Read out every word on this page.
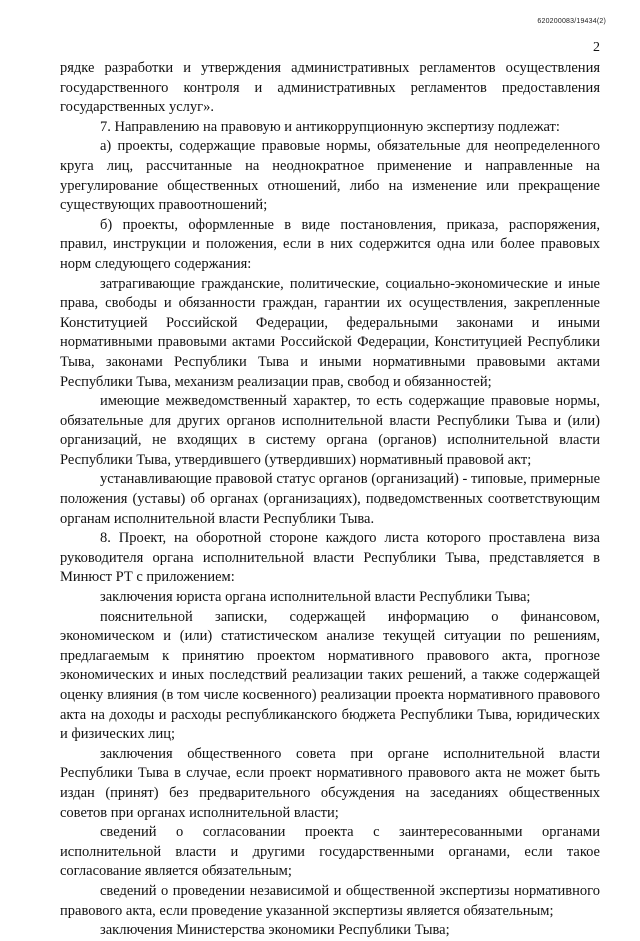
620200083/19434(2)
2

рядке разработки и утверждения административных регламентов осуществления государственного контроля и административных регламентов предоставления государственных услуг».

7. Направлению на правовую и антикоррупционную экспертизу подлежат:

а) проекты, содержащие правовые нормы, обязательные для неопределенного круга лиц, рассчитанные на неоднократное применение и направленные на урегулирование общественных отношений, либо на изменение или прекращение существующих правоотношений;

б) проекты, оформленные в виде постановления, приказа, распоряжения, правил, инструкции и положения, если в них содержится одна или более правовых норм следующего содержания:

затрагивающие гражданские, политические, социально-экономические и иные права, свободы и обязанности граждан, гарантии их осуществления, закрепленные Конституцией Российской Федерации, федеральными законами и иными нормативными правовыми актами Российской Федерации, Конституцией Республики Тыва, законами Республики Тыва и иными нормативными правовыми актами Республики Тыва, механизм реализации прав, свобод и обязанностей;

имеющие межведомственный характер, то есть содержащие правовые нормы, обязательные для других органов исполнительной власти Республики Тыва и (или) организаций, не входящих в систему органа (органов) исполнительной власти Республики Тыва, утвердившего (утвердивших) нормативный правовой акт;

устанавливающие правовой статус органов (организаций) - типовые, примерные положения (уставы) об органах (организациях), подведомственных соответствующим органам исполнительной власти Республики Тыва.

8. Проект, на оборотной стороне каждого листа которого проставлена виза руководителя органа исполнительной власти Республики Тыва, представляется в Минюст РТ с приложением:

заключения юриста органа исполнительной власти Республики Тыва;

пояснительной записки, содержащей информацию о финансовом, экономическом и (или) статистическом анализе текущей ситуации по решениям, предлагаемым к принятию проектом нормативного правового акта, прогнозе экономических и иных последствий реализации таких решений, а также содержащей оценку влияния (в том числе косвенного) реализации проекта нормативного правового акта на доходы и расходы республиканского бюджета Республики Тыва, юридических и физических лиц;

заключения общественного совета при органе исполнительной власти Республики Тыва в случае, если проект нормативного правового акта не может быть издан (принят) без предварительного обсуждения на заседаниях общественных советов при органах исполнительной власти;

сведений о согласовании проекта с заинтересованными органами исполнительной власти и другими государственными органами, если такое согласование является обязательным;

сведений о проведении независимой и общественной экспертизы нормативного правового акта, если проведение указанной экспертизы является обязательным;

заключения Министерства экономики Республики Тыва;
